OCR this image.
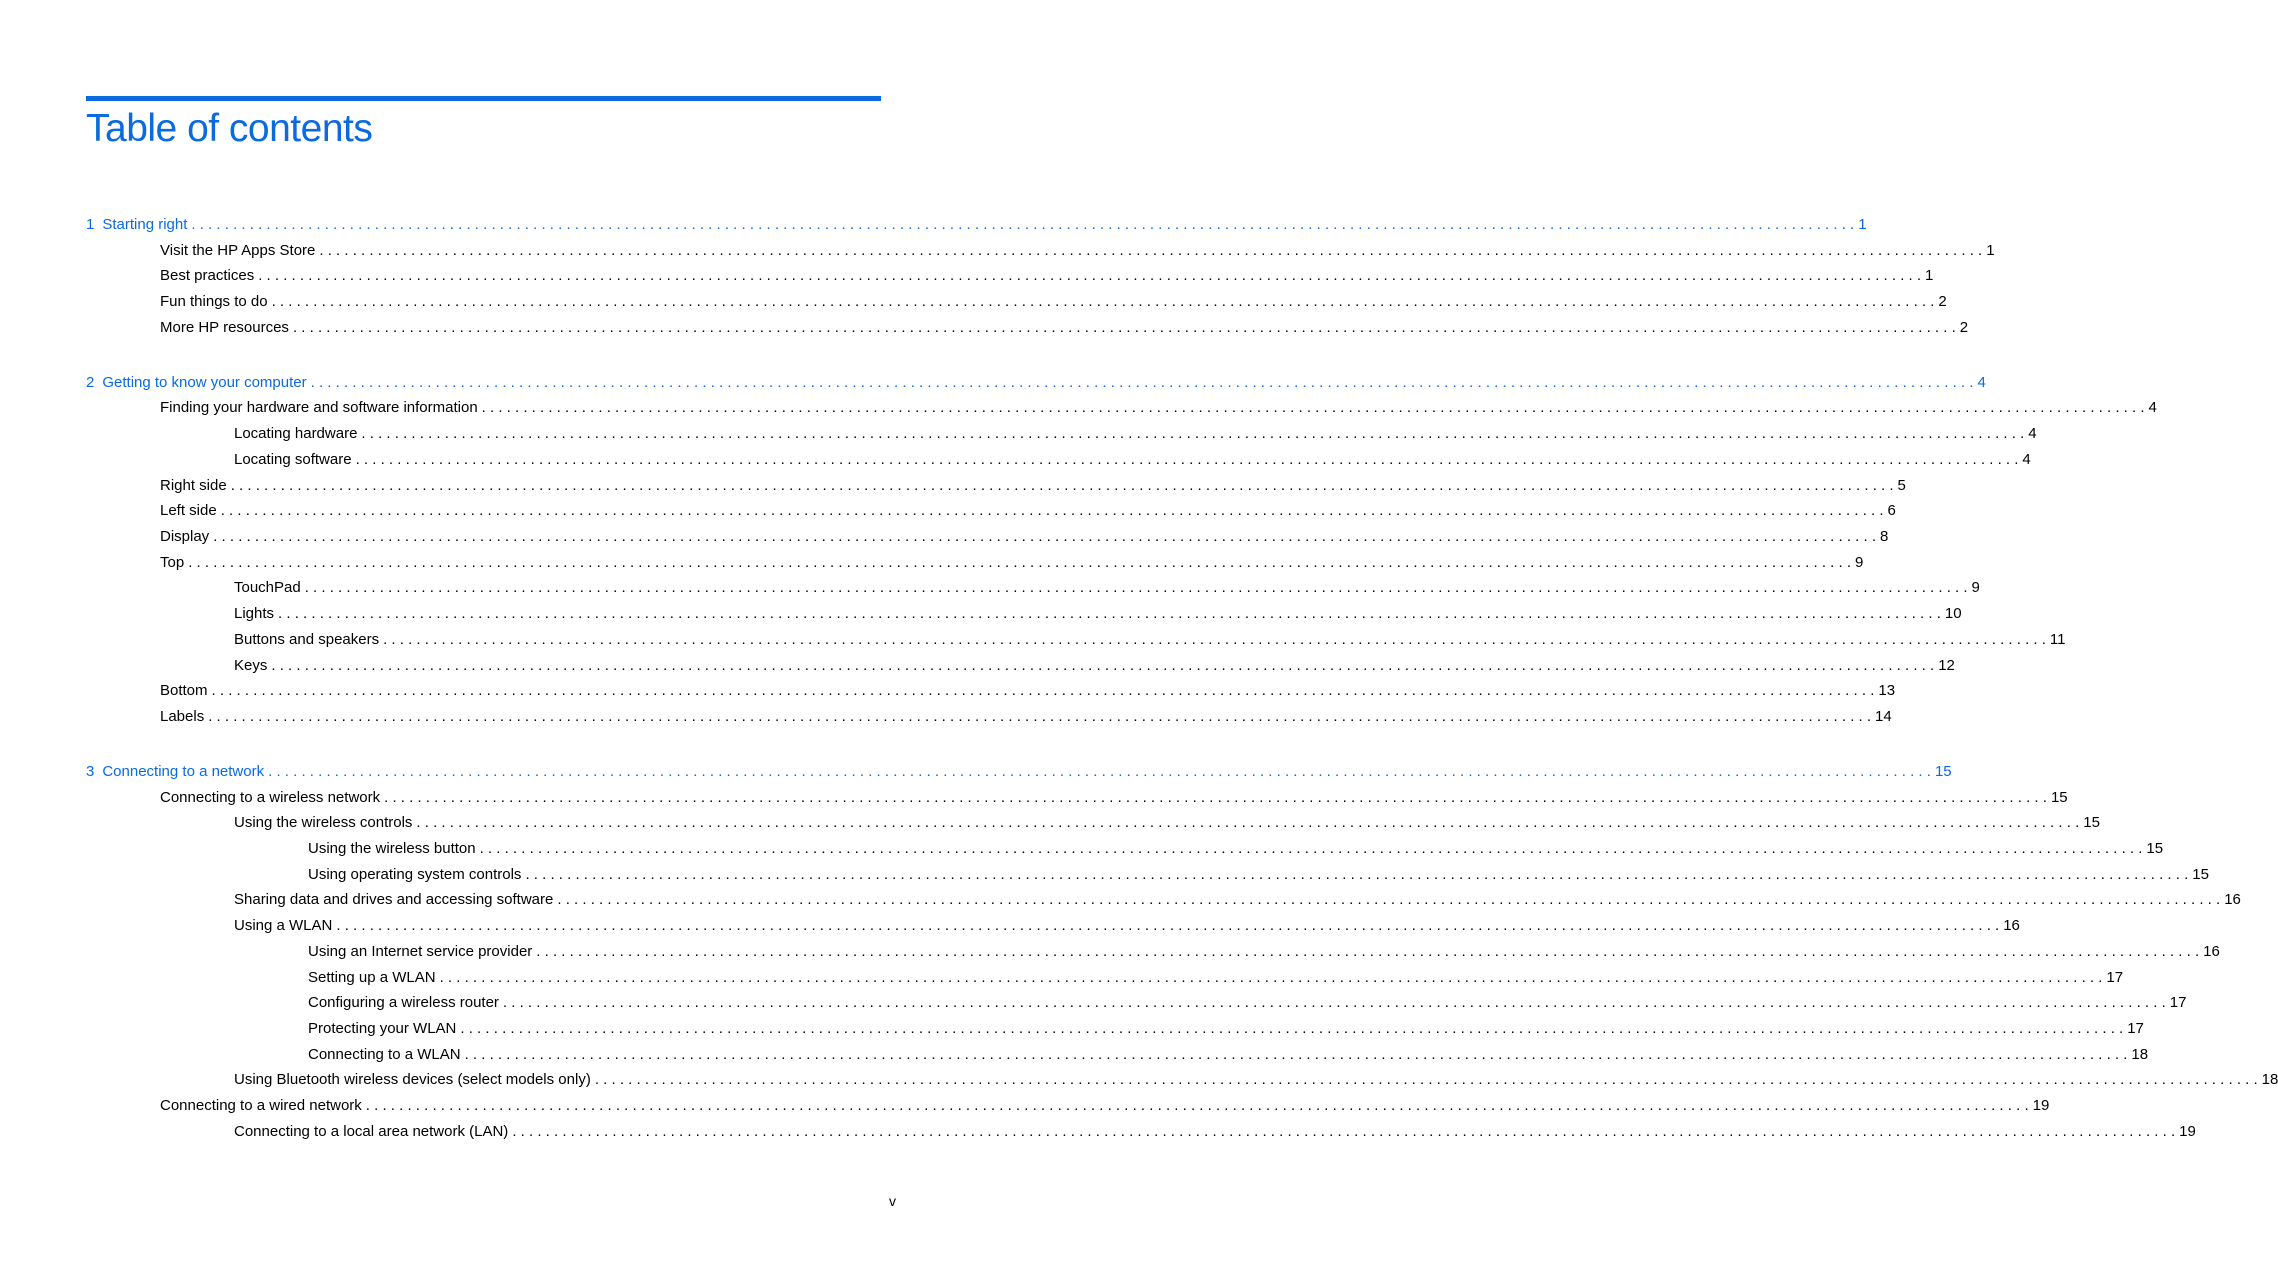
Table of contents
1 Starting right . . . . . . . . . . . . . . . . . . . . . . . . . . . . . . . . . . . . . . . . . . . . . . . . . . . . . . . . . . . . . . . . . . . . . . . . . . . . . . . . . . . . . . . . . . . . . . . . . . . . . . . . . . . . . . . . . . . . . . . . . . . . . . . . . . . . . . . . . . . . . . . . . . . . . . . . . . . . . . . . . . . . . . . . . . . . . . . . . . . . . . . . . . . . . . . . . . . . . . . . 1
Visit the HP Apps Store . . . . . . . . . . . . . . . . . . . . . . . . . . . . . . . . . . . . . . . . . . . . . . . . . . . . . . . . . . . . . . . . . . . . . . . . . . . . . . . . . . . . . . . . . . . . . . . . . . . . . . . . . . . . . . . . . . . . . . . . . . . . . . . . . . . . . . . . . . . . . . . . . . . . . . . . . . . . . . . . . . . . . . . . . . . . . . . . . . . . . . . . . . . . . . . . . . . . . . . . 1
Best practices . . . . . . . . . . . . . . . . . . . . . . . . . . . . . . . . . . . . . . . . . . . . . . . . . . . . . . . . . . . . . . . . . . . . . . . . . . . . . . . . . . . . . . . . . . . . . . . . . . . . . . . . . . . . . . . . . . . . . . . . . . . . . . . . . . . . . . . . . . . . . . . . . . . . . . . . . . . . . . . . . . . . . . . . . . . . . . . . . . . . . . . . . . . . . . . . . . . . . . . . 1
Fun things to do . . . . . . . . . . . . . . . . . . . . . . . . . . . . . . . . . . . . . . . . . . . . . . . . . . . . . . . . . . . . . . . . . . . . . . . . . . . . . . . . . . . . . . . . . . . . . . . . . . . . . . . . . . . . . . . . . . . . . . . . . . . . . . . . . . . . . . . . . . . . . . . . . . . . . . . . . . . . . . . . . . . . . . . . . . . . . . . . . . . . . . . . . . . . . . . . . . . . . . . . 2
More HP resources . . . . . . . . . . . . . . . . . . . . . . . . . . . . . . . . . . . . . . . . . . . . . . . . . . . . . . . . . . . . . . . . . . . . . . . . . . . . . . . . . . . . . . . . . . . . . . . . . . . . . . . . . . . . . . . . . . . . . . . . . . . . . . . . . . . . . . . . . . . . . . . . . . . . . . . . . . . . . . . . . . . . . . . . . . . . . . . . . . . . . . . . . . . . . . . . . . . . . . . . 2
2 Getting to know your computer . . . . . . . . . . . . . . . . . . . . . . . . . . . . . . . . . . . . . . . . . . . . . . . . . . . . . . . . . . . . . . . . . . . . . . . . . . . . . . . . . . . . . . . . . . . . . . . . . . . . . . . . . . . . . . . . . . . . . . . . . . . . . . . . . . . . . . . . . . . . . . . . . . . . . . . . . . . . . . . . . . . . . . . . . . . . . . . . . . . . . . . . . . . . . . . . . . . . . . . . 4
Finding your hardware and software information . . . . . . . . . . . . . . . . . . . . . . . . . . . . . . . . . . . . . . . . . . . . . . . . . . . . . . . . . . . . . . . . . . . . . . . . . . . . . . . . . . . . . . . . . . . . . . . . . . . . . . . . . . . . . . . . . . . . . . . . . . . . . . . . . . . . . . . . . . . . . . . . . . . . . . . . . . . . . . . . . . . . . . . . . . . . . . . . . . . . . . . . . . . . . . . . . . . . . . . . 4
Locating hardware . . . . . . . . . . . . . . . . . . . . . . . . . . . . . . . . . . . . . . . . . . . . . . . . . . . . . . . . . . . . . . . . . . . . . . . . . . . . . . . . . . . . . . . . . . . . . . . . . . . . . . . . . . . . . . . . . . . . . . . . . . . . . . . . . . . . . . . . . . . . . . . . . . . . . . . . . . . . . . . . . . . . . . . . . . . . . . . . . . . . . . . . . . . . . . . . . . . . . . . . 4
Locating software . . . . . . . . . . . . . . . . . . . . . . . . . . . . . . . . . . . . . . . . . . . . . . . . . . . . . . . . . . . . . . . . . . . . . . . . . . . . . . . . . . . . . . . . . . . . . . . . . . . . . . . . . . . . . . . . . . . . . . . . . . . . . . . . . . . . . . . . . . . . . . . . . . . . . . . . . . . . . . . . . . . . . . . . . . . . . . . . . . . . . . . . . . . . . . . . . . . . . . . . 4
Right side . . . . . . . . . . . . . . . . . . . . . . . . . . . . . . . . . . . . . . . . . . . . . . . . . . . . . . . . . . . . . . . . . . . . . . . . . . . . . . . . . . . . . . . . . . . . . . . . . . . . . . . . . . . . . . . . . . . . . . . . . . . . . . . . . . . . . . . . . . . . . . . . . . . . . . . . . . . . . . . . . . . . . . . . . . . . . . . . . . . . . . . . . . . . . . . . . . . . . . . . 5
Left side . . . . . . . . . . . . . . . . . . . . . . . . . . . . . . . . . . . . . . . . . . . . . . . . . . . . . . . . . . . . . . . . . . . . . . . . . . . . . . . . . . . . . . . . . . . . . . . . . . . . . . . . . . . . . . . . . . . . . . . . . . . . . . . . . . . . . . . . . . . . . . . . . . . . . . . . . . . . . . . . . . . . . . . . . . . . . . . . . . . . . . . . . . . . . . . . . . . . . . . . 6
Display . . . . . . . . . . . . . . . . . . . . . . . . . . . . . . . . . . . . . . . . . . . . . . . . . . . . . . . . . . . . . . . . . . . . . . . . . . . . . . . . . . . . . . . . . . . . . . . . . . . . . . . . . . . . . . . . . . . . . . . . . . . . . . . . . . . . . . . . . . . . . . . . . . . . . . . . . . . . . . . . . . . . . . . . . . . . . . . . . . . . . . . . . . . . . . . . . . . . . . . . 8
Top . . . . . . . . . . . . . . . . . . . . . . . . . . . . . . . . . . . . . . . . . . . . . . . . . . . . . . . . . . . . . . . . . . . . . . . . . . . . . . . . . . . . . . . . . . . . . . . . . . . . . . . . . . . . . . . . . . . . . . . . . . . . . . . . . . . . . . . . . . . . . . . . . . . . . . . . . . . . . . . . . . . . . . . . . . . . . . . . . . . . . . . . . . . . . . . . . . . . . . . . 9
TouchPad . . . . . . . . . . . . . . . . . . . . . . . . . . . . . . . . . . . . . . . . . . . . . . . . . . . . . . . . . . . . . . . . . . . . . . . . . . . . . . . . . . . . . . . . . . . . . . . . . . . . . . . . . . . . . . . . . . . . . . . . . . . . . . . . . . . . . . . . . . . . . . . . . . . . . . . . . . . . . . . . . . . . . . . . . . . . . . . . . . . . . . . . . . . . . . . . . . . . . . . . 9
Lights . . . . . . . . . . . . . . . . . . . . . . . . . . . . . . . . . . . . . . . . . . . . . . . . . . . . . . . . . . . . . . . . . . . . . . . . . . . . . . . . . . . . . . . . . . . . . . . . . . . . . . . . . . . . . . . . . . . . . . . . . . . . . . . . . . . . . . . . . . . . . . . . . . . . . . . . . . . . . . . . . . . . . . . . . . . . . . . . . . . . . . . . . . . . . . . . . . . . . . . . 10
Buttons and speakers . . . . . . . . . . . . . . . . . . . . . . . . . . . . . . . . . . . . . . . . . . . . . . . . . . . . . . . . . . . . . . . . . . . . . . . . . . . . . . . . . . . . . . . . . . . . . . . . . . . . . . . . . . . . . . . . . . . . . . . . . . . . . . . . . . . . . . . . . . . . . . . . . . . . . . . . . . . . . . . . . . . . . . . . . . . . . . . . . . . . . . . . . . . . . . . . . . . . . . . . 11
Keys . . . . . . . . . . . . . . . . . . . . . . . . . . . . . . . . . . . . . . . . . . . . . . . . . . . . . . . . . . . . . . . . . . . . . . . . . . . . . . . . . . . . . . . . . . . . . . . . . . . . . . . . . . . . . . . . . . . . . . . . . . . . . . . . . . . . . . . . . . . . . . . . . . . . . . . . . . . . . . . . . . . . . . . . . . . . . . . . . . . . . . . . . . . . . . . . . . . . . . . . 12
Bottom . . . . . . . . . . . . . . . . . . . . . . . . . . . . . . . . . . . . . . . . . . . . . . . . . . . . . . . . . . . . . . . . . . . . . . . . . . . . . . . . . . . . . . . . . . . . . . . . . . . . . . . . . . . . . . . . . . . . . . . . . . . . . . . . . . . . . . . . . . . . . . . . . . . . . . . . . . . . . . . . . . . . . . . . . . . . . . . . . . . . . . . . . . . . . . . . . . . . . . . . 13
Labels . . . . . . . . . . . . . . . . . . . . . . . . . . . . . . . . . . . . . . . . . . . . . . . . . . . . . . . . . . . . . . . . . . . . . . . . . . . . . . . . . . . . . . . . . . . . . . . . . . . . . . . . . . . . . . . . . . . . . . . . . . . . . . . . . . . . . . . . . . . . . . . . . . . . . . . . . . . . . . . . . . . . . . . . . . . . . . . . . . . . . . . . . . . . . . . . . . . . . . . . 14
3 Connecting to a network . . . . . . . . . . . . . . . . . . . . . . . . . . . . . . . . . . . . . . . . . . . . . . . . . . . . . . . . . . . . . . . . . . . . . . . . . . . . . . . . . . . . . . . . . . . . . . . . . . . . . . . . . . . . . . . . . . . . . . . . . . . . . . . . . . . . . . . . . . . . . . . . . . . . . . . . . . . . . . . . . . . . . . . . . . . . . . . . . . . . . . . . . . . . . . . . . . . . . . . . 15
Connecting to a wireless network . . . . . . . . . . . . . . . . . . . . . . . . . . . . . . . . . . . . . . . . . . . . . . . . . . . . . . . . . . . . . . . . . . . . . . . . . . . . . . . . . . . . . . . . . . . . . . . . . . . . . . . . . . . . . . . . . . . . . . . . . . . . . . . . . . . . . . . . . . . . . . . . . . . . . . . . . . . . . . . . . . . . . . . . . . . . . . . . . . . . . . . . . . . . . . . . . . . . . . . . 15
Using the wireless controls . . . . . . . . . . . . . . . . . . . . . . . . . . . . . . . . . . . . . . . . . . . . . . . . . . . . . . . . . . . . . . . . . . . . . . . . . . . . . . . . . . . . . . . . . . . . . . . . . . . . . . . . . . . . . . . . . . . . . . . . . . . . . . . . . . . . . . . . . . . . . . . . . . . . . . . . . . . . . . . . . . . . . . . . . . . . . . . . . . . . . . . . . . . . . . . . . . . . . . . . 15
Using the wireless button . . . . . . . . . . . . . . . . . . . . . . . . . . . . . . . . . . . . . . . . . . . . . . . . . . . . . . . . . . . . . . . . . . . . . . . . . . . . . . . . . . . . . . . . . . . . . . . . . . . . . . . . . . . . . . . . . . . . . . . . . . . . . . . . . . . . . . . . . . . . . . . . . . . . . . . . . . . . . . . . . . . . . . . . . . . . . . . . . . . . . . . . . . . . . . . . . . . . . . . . 15
Using operating system controls . . . . . . . . . . . . . . . . . . . . . . . . . . . . . . . . . . . . . . . . . . . . . . . . . . . . . . . . . . . . . . . . . . . . . . . . . . . . . . . . . . . . . . . . . . . . . . . . . . . . . . . . . . . . . . . . . . . . . . . . . . . . . . . . . . . . . . . . . . . . . . . . . . . . . . . . . . . . . . . . . . . . . . . . . . . . . . . . . . . . . . . . . . . . . . . . . . . . . . . . 15
Sharing data and drives and accessing software . . . . . . . . . . . . . . . . . . . . . . . . . . . . . . . . . . . . . . . . . . . . . . . . . . . . . . . . . . . . . . . . . . . . . . . . . . . . . . . . . . . . . . . . . . . . . . . . . . . . . . . . . . . . . . . . . . . . . . . . . . . . . . . . . . . . . . . . . . . . . . . . . . . . . . . . . . . . . . . . . . . . . . . . . . . . . . . . . . . . . . . . . . . . . . . . . . . . . . . . 16
Using a WLAN . . . . . . . . . . . . . . . . . . . . . . . . . . . . . . . . . . . . . . . . . . . . . . . . . . . . . . . . . . . . . . . . . . . . . . . . . . . . . . . . . . . . . . . . . . . . . . . . . . . . . . . . . . . . . . . . . . . . . . . . . . . . . . . . . . . . . . . . . . . . . . . . . . . . . . . . . . . . . . . . . . . . . . . . . . . . . . . . . . . . . . . . . . . . . . . . . . . . . . . . 16
Using an Internet service provider . . . . . . . . . . . . . . . . . . . . . . . . . . . . . . . . . . . . . . . . . . . . . . . . . . . . . . . . . . . . . . . . . . . . . . . . . . . . . . . . . . . . . . . . . . . . . . . . . . . . . . . . . . . . . . . . . . . . . . . . . . . . . . . . . . . . . . . . . . . . . . . . . . . . . . . . . . . . . . . . . . . . . . . . . . . . . . . . . . . . . . . . . . . . . . . . . . . . . . . . 16
Setting up a WLAN . . . . . . . . . . . . . . . . . . . . . . . . . . . . . . . . . . . . . . . . . . . . . . . . . . . . . . . . . . . . . . . . . . . . . . . . . . . . . . . . . . . . . . . . . . . . . . . . . . . . . . . . . . . . . . . . . . . . . . . . . . . . . . . . . . . . . . . . . . . . . . . . . . . . . . . . . . . . . . . . . . . . . . . . . . . . . . . . . . . . . . . . . . . . . . . . . . . . . . . . 17
Configuring a wireless router . . . . . . . . . . . . . . . . . . . . . . . . . . . . . . . . . . . . . . . . . . . . . . . . . . . . . . . . . . . . . . . . . . . . . . . . . . . . . . . . . . . . . . . . . . . . . . . . . . . . . . . . . . . . . . . . . . . . . . . . . . . . . . . . . . . . . . . . . . . . . . . . . . . . . . . . . . . . . . . . . . . . . . . . . . . . . . . . . . . . . . . . . . . . . . . . . . . . . . . . 17
Protecting your WLAN . . . . . . . . . . . . . . . . . . . . . . . . . . . . . . . . . . . . . . . . . . . . . . . . . . . . . . . . . . . . . . . . . . . . . . . . . . . . . . . . . . . . . . . . . . . . . . . . . . . . . . . . . . . . . . . . . . . . . . . . . . . . . . . . . . . . . . . . . . . . . . . . . . . . . . . . . . . . . . . . . . . . . . . . . . . . . . . . . . . . . . . . . . . . . . . . . . . . . . . . 17
Connecting to a WLAN . . . . . . . . . . . . . . . . . . . . . . . . . . . . . . . . . . . . . . . . . . . . . . . . . . . . . . . . . . . . . . . . . . . . . . . . . . . . . . . . . . . . . . . . . . . . . . . . . . . . . . . . . . . . . . . . . . . . . . . . . . . . . . . . . . . . . . . . . . . . . . . . . . . . . . . . . . . . . . . . . . . . . . . . . . . . . . . . . . . . . . . . . . . . . . . . . . . . . . . . 18
Using Bluetooth wireless devices (select models only) . . . . . . . . . . . . . . . . . . . . . . . . . . . . . . . . . . . . . . . . . . . . . . . . . . . . . . . . . . . . . . . . . . . . . . . . . . . . . . . . . . . . . . . . . . . . . . . . . . . . . . . . . . . . . . . . . . . . . . . . . . . . . . . . . . . . . . . . . . . . . . . . . . . . . . . . . . . . . . . . . . . . . . . . . . . . . . . . . . . . . . . . . . . . . . . . . . . . . . . . 18
Connecting to a wired network . . . . . . . . . . . . . . . . . . . . . . . . . . . . . . . . . . . . . . . . . . . . . . . . . . . . . . . . . . . . . . . . . . . . . . . . . . . . . . . . . . . . . . . . . . . . . . . . . . . . . . . . . . . . . . . . . . . . . . . . . . . . . . . . . . . . . . . . . . . . . . . . . . . . . . . . . . . . . . . . . . . . . . . . . . . . . . . . . . . . . . . . . . . . . . . . . . . . . . . . 19
Connecting to a local area network (LAN) . . . . . . . . . . . . . . . . . . . . . . . . . . . . . . . . . . . . . . . . . . . . . . . . . . . . . . . . . . . . . . . . . . . . . . . . . . . . . . . . . . . . . . . . . . . . . . . . . . . . . . . . . . . . . . . . . . . . . . . . . . . . . . . . . . . . . . . . . . . . . . . . . . . . . . . . . . . . . . . . . . . . . . . . . . . . . . . . . . . . . . . . . . . . . . . . . . . . . . . . 19
v
